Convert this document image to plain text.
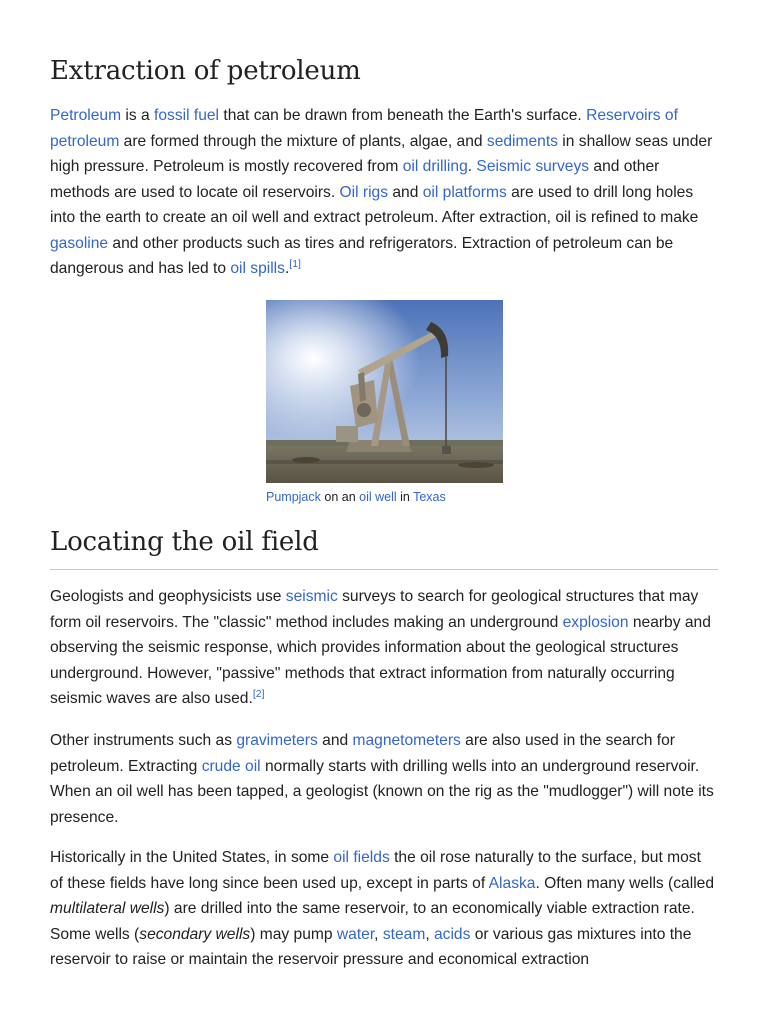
Extraction of petroleum

Petroleum is a fossil fuel that can be drawn from beneath the Earth's surface. Reservoirs of petroleum are formed through the mixture of plants, algae, and sediments in shallow seas under high pressure. Petroleum is mostly recovered from oil drilling. Seismic surveys and other methods are used to locate oil reservoirs. Oil rigs and oil platforms are used to drill long holes into the earth to create an oil well and extract petroleum. After extraction, oil is refined to make gasoline and other products such as tires and refrigerators. Extraction of petroleum can be dangerous and has led to oil spills.[1]

Pumpjack on an oil well in Texas
Locating the oil field

Geologists and geophysicists use seismic surveys to search for geological structures that may form oil reservoirs. The "classic" method includes making an underground explosion nearby and observing the seismic response, which provides information about the geological structures underground. However, "passive" methods that extract information from naturally occurring seismic waves are also used.[2]

Other instruments such as gravimeters and magnetometers are also used in the search for petroleum. Extracting crude oil normally starts with drilling wells into an underground reservoir. When an oil well has been tapped, a geologist (known on the rig as the "mudlogger") will note its presence.

Historically in the United States, in some oil fields the oil rose naturally to the surface, but most of these fields have long since been used up, except in parts of Alaska. Often many wells (called multilateral wells) are drilled into the same reservoir, to an economically viable extraction rate. Some wells (secondary wells) may pump water, steam, acids or various gas mixtures into the reservoir to raise or maintain the reservoir pressure and economical extraction
